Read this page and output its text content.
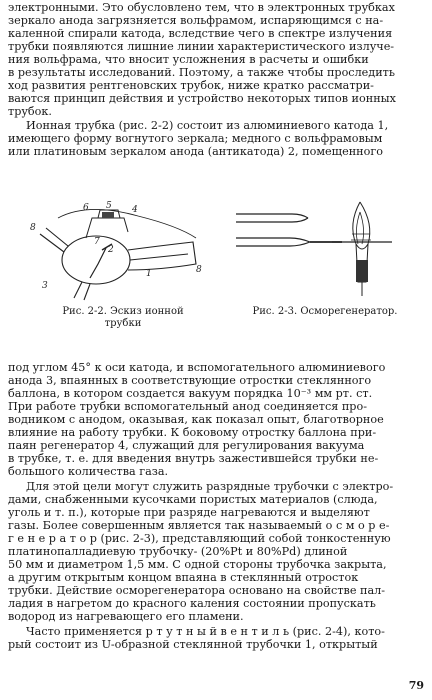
электронными. Это обусловлено тем, что в электронных трубках
зеркало анода загрязняется вольфрамом, испаряющимся с на-
каленной спирали катода, вследствие чего в спектре излучения
трубки появляются лишние линии характеристического излуче-
ния вольфрама, что вносит усложнения в расчеты и ошибки
в результаты исследований. Поэтому, а также чтобы проследить
ход развития рентгеновских трубок, ниже кратко рассматри-
ваются принцип действия и устройство некоторых типов ионных
трубок.
Ионная трубка (рис. 2-2) состоит из алюминиевого катода 1,
имеющего форму вогнутого зеркала; медного с вольфрамовым
или платиновым зеркалом анода (антикатода) 2, помещенного
8
6 5 4
3
2
1
7
8
Рис. 2-2. Эскиз ионной
трубки
Рис. 2-3. Осморегенератор.
под углом 45° к оси катода, и вспомогательного алюминиевого
анода 3, впаянных в соответствующие отростки стеклянного
баллона, в котором создается вакуум порядка 10⁻³ мм рт. ст.
При работе трубки вспомогательный анод соединяется про-
водником с анодом, оказывая, как показал опыт, благотворное
влияние на работу трубки. К боковому отростку баллона при-
паян регенератор 4, служащий для регулирования вакуума
в трубке, т. е. для введения внутрь зажестившейся трубки не-
большого количества газа.
Для этой цели могут служить разрядные трубочки с электро-
дами, снабженными кусочками пористых материалов (слюда,
уголь и т. п.), которые при разряде нагреваются и выделяют
газы. Более совершенным является так называемый о с м о р е-
г е н е р а т о р (рис. 2-3), представляющий собой тонкостенную
платинопалладиевую трубочку- (20%Pt и 80%Pd) длиной
50 мм и диаметром 1,5 мм. С одной стороны трубочка закрыта,
а другим открытым концом впаяна в стеклянный отросток
трубки. Действие осморегенератора основано на свойстве пал-
ладия в нагретом до красного каления состоянии пропускать
водород из нагревающего его пламени.
Часто применяется р т у т н ы й в е н т и л ь (рис. 2-4), кото-
рый состоит из U-образной стеклянной трубочки 1, открытый
79
